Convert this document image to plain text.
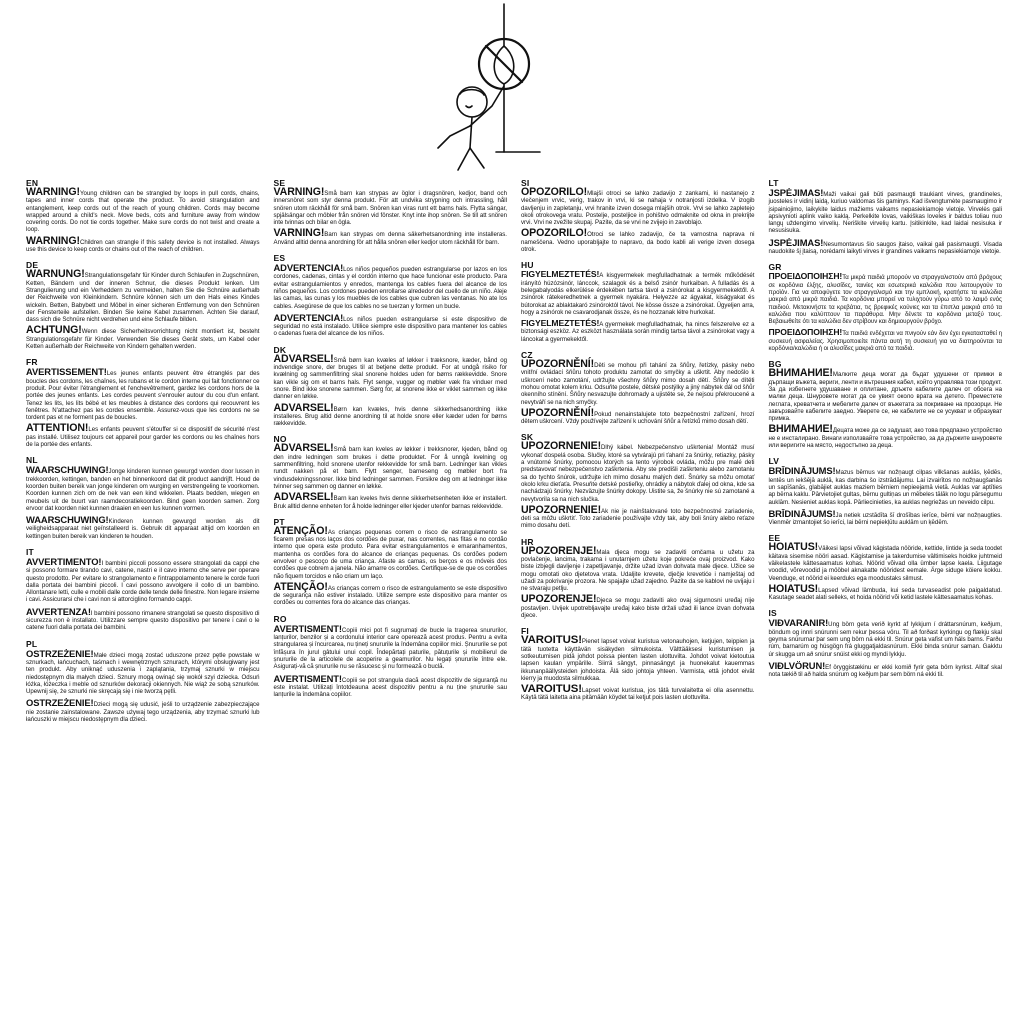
EN

WARNING!Young children can be strangled by loops in pull cords, chains, tapes and inner cords that operate the product. To avoid strangulation and entanglement, keep cords out of the reach of young children. Cords may become wrapped around a child's neck. Move beds, cots and furniture away from window covering cords. Do not tie cords together. Make sure cords do not twist and create a loop.

WARNING!Children can strangle if this safety device is not installed. Always use this device to keep cords or chains out of the reach of children.

DE

WARNUNG!Strangulationsgefahr für Kinder durch Schlaufen in Zugschnüren, Ketten, Bändern und der inneren Schnur, die dieses Produkt lenken. Um Strangulierung und ein Verheddern zu vermeiden, halten Sie die Schnüre außerhalb der Reichweite von Kleinkindern. Schnüre können sich um den Hals eines Kindes wickeln. Betten, Babybett und Möbel in einer sicheren Entfernung von den Schnüren der Fensterteile aufstellen. Binden Sie keine Kabel zusammen. Achten Sie darauf, dass sich die Schnüre nicht verdrehen und eine Schlaufe bilden.

ACHTUNG!Wenn diese Sicherheitsvorrichtung nicht montiert ist, besteht Strangulationsgefahr für Kinder. Verwenden Sie dieses Gerät stets, um Kabel oder Ketten außerhalb der Reichweite von Kindern gehalten werden.

FR

AVERTISSEMENT!Les jeunes enfants peuvent être étranglés par des boucles des cordons, les chaînes, les rubans et le cordon interne qui fait fonctionner ce produit. Pour éviter l'étranglement et l'enchevêtrement, gardez les cordons hors de la portée des jeunes enfants. Les cordes peuvent s'enrouler autour du cou d'un enfant. Tenez les lits, les lits bébé et les meubles à distance des cordons qui recouvrent les fenêtres. N'attachez pas les cordes ensemble. Assurez-vous que les cordons ne se tordent pas et ne forment pas de boucles.

ATTENTION!Les enfants peuvent s'étouffer si ce dispositif de sécurité n'est pas installé. Utilisez toujours cet appareil pour garder les cordons ou les chaînes hors de la portée des enfants.

NL

WAARSCHUWING!Jonge kinderen kunnen gewurgd worden door lussen in trekkoorden, kettingen, banden en het binnenkoord dat dit product aandrijft. Houd de koorden buiten bereik van jonge kinderen om wurging en verstrengeling te voorkomen. Koorden kunnen zich om de nek van een kind wikkelen. Plaats bedden, wiegen en meubels uit de buurt van raamdecoratiekoorden. Bind geen koorden samen. Zorg ervoor dat koorden niet kunnen draaien en een lus kunnen vormen.

WAARSCHUWING!Kinderen kunnen gewurgd worden als dit veiligheidsapparaat niet geïnstalleerd is. Gebruik dit apparaat altijd om koorden en kettingen buiten bereik van kinderen te houden.

IT

AVVERTIMENTO!I bambini piccoli possono essere strangolati da cappi che si possono formare tirando cavi, catene, nastri e il cavo interno che serve per operare questo prodotto. Per evitare lo strangolamento e l'intrappolamento tenere le corde fuori dalla portata dei bambini piccoli. I cavi possono avvolgere il collo di un bambino. Allontanare letti, culle e mobili dalle corde delle tende delle finestre. Non legare insieme i cavi. Assicurarsi che i cavi non si attorciglino formando cappi.

AVVERTENZA!I bambini possono rimanere strangolati se questo dispositivo di sicurezza non è installato. Utilizzare sempre questo dispositivo per tenere i cavi o le catene fuori dalla portata dei bambini.

PL

OSTRZEŻENIE!Małe dzieci mogą zostać uduszone przez pętle powstałe w sznurkach, łańcuchach, taśmach i wewnętrznych sznurach, którymi obsługiwany jest ten produkt. Aby uniknąć uduszenia i zaplątania, trzymaj sznurki w miejscu niedostępnym dla małych dzieci. Sznury mogą owinąć się wokół szyi dziecka. Odsuń łóżka, łóżeczka i meble od sznurków dekoracji okiennych. Nie wiąż ze sobą sznurków. Upewnij się, że sznurki nie skręcają się i nie tworzą pętli.

OSTRZEŻENIE!Dzieci mogą się udusić, jeśli to urządzenie zabezpieczające nie zostanie zainstalowane. Zawsze używaj tego urządzenia, aby trzymać sznurki lub łańcuszki w miejscu niedostępnym dla dzieci.

SE

VARNING!Små barn kan strypas av öglor i dragsnören, kedjor, band och innersnöret som styr denna produkt. För att undvika strypning och intrassling, håll snören utom räckhåll för små barn. Snören kan viras runt ett barns hals. Flytta sängar, spjälsängar och möbler från snören vid fönster. Knyt inte ihop snören. Se till att snören inte tvinnas och bilar en ögla.

VARNING!Barn kan strypas om denna säkerhetsanordning inte installeras. Använd alltid denna anordning för att hålla snören eller kedjor utom räckhåll för barn.

ES

ADVERTENCIA!Los niños pequeños pueden estrangularse por lazos en los cordones, cadenas, cintas y el cordón interno que hace funcionar este producto. Para evitar estrangulamientos y enredos, mantenga los cables fuera del alcance de los niños pequeños. Los cordones pueden enrollarse alrededor del cuello de un niño. Aleje las camas, las cunas y los muebles de los cables que cubren las ventanas. No ate los cables. Asegúrese de que los cables no se tuerzan y formen un bucle.

ADVERTENCIA!Los niños pueden estrangularse si este dispositivo de seguridad no está instalado. Utilice siempre este dispositivo para mantener los cables o cadenas fuera del alcance de los niños.

DK

ADVARSEL!Små børn kan kvæles af løkker i træksnore, kæder, bånd og indvendige snore, der bruges til at betjene dette produkt. For at undgå risiko for kvælning og sammenfiltring skal snorene holdes uden for børns rækkevidde. Snore kan vikle sig om et barns hals. Flyt senge, vugger og møbler væk fra vinduer med snore. Bind ikke snorene sammen. Sørg for, at snorene ikke er viklet sammen og ikke danner en løkke.

ADVARSEL!Børn kan kvæles, hvis denne sikkerhedsanordning ikke installeres. Brug altid denne anordning til at holde snore eller kæder uden for børns rækkevidde.

NO

ADVARSEL!Små barn kan kveles av løkker i trekksnorer, kjeden, bånd og den indre ledningen som brukes i dette produktet. For å unngå kvelning og sammenfiltring, hold snorene utenfor rekkevidde for små barn. Ledninger kan vikles rundt nakken på et barn. Flytt senger, barneseng og møbler bort fra vindusdekningssnorer. Ikke bind ledninger sammen. Forsikre deg om at ledninger ikke tvinner seg sammen og danner en løkke.

ADVARSEL!Barn kan kveles hvis denne sikkerhetsenheten ikke er installert. Bruk alltid denne enheten for å holde ledninger eller kjeder utenfor barnas rekkevidde.

PT

ATENÇÃO!As crianças pequenas correm o risco de estrangulamento se ficarem presas nos laços dos cordões de puxar, nas correntes, nas fitas e no cordão interno que opera este produto. Para evitar estrangulamentos e emaranhamentos, mantenha os cordões fora do alcance de crianças pequenas. Os cordões podem envolver o pescoço de uma criança. Afaste as camas, os berços e os móveis dos cordões que cobrem a janela. Não amarre os cordões. Certifique-se de que os cordões não fiquem torcidos e não criam um laço.

ATENÇÃO!As crianças correm o risco de estrangulamento se este dispositivo de segurança não estiver instalado. Utilize sempre este dispositivo para manter os cordões ou correntes fora do alcance das crianças.

RO

AVERTISMENT!Copiii mici pot fi sugrumați de bucle la tragerea snururilor, lanțurilor, benzilor și a cordonului interior care operează acest produs. Pentru a evita strangularea și încurcarea, nu țineți snururile la îndemâna copiilor mici. Șnururile se pot înfășura în jurul gâtului unui copil. Îndepărtați paturile, pătuțurile și mobilierul de șnururile de la articolele de acoperire a geamurilor. Nu legați șnururile între ele. Asigurați-vă că șnururile nu se răsucesc și nu formează o buclă.

AVERTISMENT!Copiii se pot strangula dacă acest dispozitiv de siguranță nu este instalat. Utilizați întotdeauna acest dispozitiv pentru a nu ține șnururile sau lanțurile la îndemâna copiilor.

SI

OPOZORILO!Mlajši otroci se lahko zadavijo z zankami, ki nastanejo z vlečenjem vrvic, verig, trakov in vrvi, ki se nahaja v notranjosti izdelka. V izogib davljenju in zapletanju, vrvi hranite izven dosega mlajših otrok. Vrvi se lahko zapletejo okoli otrokovega vratu. Postelje, posteljice in pohištvo odmaknite od okna in prekrijte vrvi. Vrvi ne zvežite skupaj. Pazite, da se vrvi ne zvijejo in zavoblajo.

OPOZORILO!Otroci se lahko zadavijo, če ta varnostna naprava ni nameščena. Vedno uporabljajte to napravo, da bodo kabli ali verige izven dosega otrok.

HU

FIGYELMEZTETÉS!A kisgyermekek megfulladhatnak a termék működését irányító húzózsinór, lánccok, szalagok és a belső zsinór hurkaiban. A fulladás és a belegabalyodás elkerülése érdekében tartsa távol a zsinórokat a kisgyermekektől. A zsinórok rátekeredhetnek a gyermek nyakára. Helyezze az ágyakat, kiságyakat és bútorokat az ablaktakaró zsinóroktól távol. Ne kösse össze a zsinórokat. Ügyeljen arra, hogy a zsinórok ne csavarodjanak össze, és ne hozzanak létre hurkokat.

FIGYELMEZTETÉS!A gyermekek megfulladhatnak, ha nincs felszerelve ez a biztonsági eszköz. Az eszközt használata során mindig tartsa távol a zsinórokat vagy a láncokat a gyermekektől.

CZ

UPOZORNĚNÍ!Děti se mohou při tahání za šňůry, řetízky, pásky nebo vnitřní ovládací šňůru tohoto produktu zamotat do smyčky a uškrtit. Aby nedošlo k uškrcení nebo zamotání, udržujte všechny šňůry mimo dosah dětí. Šňůry se dítěti mohou omotat kolem krku. Odsuňte postele, dětské postýlky a jiný nábytek dál od šňůr okenního stínění. Šňůry nesvazujte dohromady a ujistěte se, že nejsou překroucené a nevytváří se na nich smyčky.

UPOZORNĚNÍ!Pokud nenainstalujete toto bezpečnostní zařízení, hrozí dětem uškrcení. Vždy používejte zařízení k uchování šňůr a řetízků mimo dosah dětí.

SK

UPOZORNENIE!Dlhý kábel. Nebezpečenstvo uškrtenia! Montáž musí vykonať dospelá osoba. Slučky, ktoré sa vytvárajú pri ťahaní za šnúrky, retiazky, pásky a vnútorné šnúrky, pomocou ktorých sa tento výrobok ovláda, môžu pre malé deti predstavovať nebezpečenstvo zaškrtenia. Aby ste predišli zaškrteniu alebo zamotaniu sa do tychto šnúrok, udržujte ich mimo dosahu malých detí. Šnúrky sa môžu omotať okolo krku dieťaťa. Presuňte detské postieľky, ohrádky a nábytok ďalej od okna, kde sa nachádzajú šnúrky. Nezväzujte šnúrky dokopy. Uistite sa, že šnúrky nie sú zamotané a nevytvorila sa na nich slučka.

UPOZORNENIE!Ak nie je nainštalované toto bezpečnostné zariadenie, deti sa môžu uškrtiť. Toto zariadenie používajte vždy tak, aby boli šnúry alebo reťaze mimo dosahu detí.

HR

UPOZORENJE!Mala djeca mogu se zadaviti omčama u užetu za povlačenje, lancima, trakama i unutarnjem užetu koje pokreće ovaj proizvod. Kako biste izbjegli davljenje i zapetljavanje, držite užad izvan dohvata male djece. Užice se mogu omotati oko djetetova vrata. Udaljite krevete, dječje krevetiće i namještaj od užadi za pokrivanje prozora. Ne spajajte užad zajedno. Pazite da se kablovi ne uvijaju i ne stvaraju petlju.

UPOZORENJE!Djeca se mogu zadaviti ako ovaj sigurnosni uređaj nije postavljen. Uvijek upotrebljavajte uređaj kako biste držali užad ili lance izvan dohvata djece.

FI

VAROITUS!Pienet lapset voivat kuristua vetonauhojen, ketjujen, teippien ja tätä tuotetta käyttävän sisäkyden silmukoista. Välttääksesi kuristumisen ja sotkeutumisen pidä johdot poissa pienten lasten ulottuvilta. Johdot voivat kietoutua lapsen kaulan ympärille. Siirrä sängyt, pinnasängyt ja huonekalut kauemmas ikkunanpäällysteiden johdoista. Älä sido johtoja yhteen. Varmista, että johdot eivät kierry ja muodosta silmukkaa.

VAROITUS!Lapset voivat kuristua, jos tätä turvalaitetta ei olla asennettu. Käytä tätä laitetta aina pitämään köydet tai ketjut pois lasten ulottuvilta.

LT

JSPĖJIMAS!Maži vaikai gali būti pasmaugti traukiant virves, grandineles, juosteles ir vidinį laidą, kuriuo valdomas šis gaminys. Kad išvengtumėte pasmaugimo ir įsipainiojimo, laikykite laidus mažiems vaikams nepasiekiamoje vietoje. Virvelės gali apsivynioti aplink vaiko kaklą. Perkelkite lovas, vaikiškas loveles ir baldus toliau nuo langų uždengimo virvelių. Neriškite virvelių kartu. Įsitikinkite, kad laidai nesisuka ir nesusisuka.

JSPĖJIMAS!Nesumontavus šio saugos įtaiso, vaikai gali pasismaugti. Visada naudokite šį įtaisą, norėdami laikyti virves ir grandines vaikams nepasiekiamoje vietoje.

GR

ΠΡΟΕΙΔΟΠΟΙΗΣΗ!Τα μικρά παιδιά μπορούν να στραγγαλιστούν από βρόχους σε κορδόνια έλξης, αλυσίδες, ταινίες και εσωτερικά καλώδια που λειτουργούν το προϊόν. Για να αποφύγετε τον στραγγαλισμό και την εμπλοκή, κρατήστε τα καλώδια μακριά από μικρά παιδιά. Τα κορδόνια μπορεί να τυλιχτούν γύρω από το λαιμό ενός παιδιού. Μετακινήστε τα κρεβάτια, τις βρεφικές κούνιες και τα έπιπλα μακριά από τα καλώδια που καλύπτουν τα παράθυρα. Μην δένετε τα κορδόνια μεταξύ τους. Βεβαιωθείτε ότι τα καλώδια δεν στρίβουν και δημιουργούν βρόχο.

ΠΡΟΕΙΔΟΠΟΙΗΣΗ!Τα παιδιά ενδέχεται να πνιγούν εάν δεν έχει εγκατασταθεί η συσκευή ασφαλείας. Χρησιμοποιείτε πάντα αυτή τη συσκευή για να διατηρούνται τα κορδόνια/καλώδια ή οι αλυσίδες μακριά από τα παιδιά.

BG

ВНИМАНИЕ!Малките деца могат да бъдат удушени от примки в дърпащи въжета, вериги, ленти и вътрешния кабел, който управлява този продукт. За да избегнете удушаване и оплитане, дръжте кабелите далеч от обсега на малки деца. Шнуровете могат да се увият около врата на детето. Преместете леглата, креватчета и мебелите далеч от въжетата за покриване на прозорци. Не завързвайте кабелите заедно. Уверете се, не кабелите не се усукват и образуват примка.

ВНИМАНИЕ!Децата може да се задушат, ако това предпазно устройство не е инсталирано. Винаги използвайте това устройство, за да държите шнуровете или веригите на място, недостъпно за деца.

LV

BRĪDINĀJUMS!Mazus bērnus var nožņaugt cilpas vilkšanas auklās, ķēdēs, lentēs un iekšējā auklā, kas darbina šo izstrādājumu. Lai izvairītos no nožņaugšanās un sapīšanās, glabājiet auklas maziem bērniem nepieejamā vietā. Auklas var aptīties ap bērna kaklu. Pārvietojiet gultas, bērnu gultiņas un mēbeles tālāk no logu pārsegumu auklām. Nesieniet auklas kopā. Pārliecinieties, ka auklas negriežas un neveido cilpu.

BRĪDINĀJUMS!Ja netiek uzstādīta šī drošības ierīce, bērni var nožņaugties. Vienmēr izmantojiet šo ierīci, lai bērni nepiekļūtu auklām un ķēdēm.

EE

HOIATUS!Väikesi lapsi võivad kägistada nööride, kettide, lintide ja seda toodet käitava sisemise nööri aasad. Kägistamise ja takerdumise vältimiseks hoidke juhtmeid väikelastele kättesaamatus kohas. Nöörid võivad olla ümber lapse kaela. Liigutage voodid, võrevoodid ja mööbel aknakatte nööridest eemale. Ärge siduge köiere kokku. Veenduge, et nöörid ei keerduks ega moodustaks silmust.

HOIATUS!Lapsed võivad lämbuda, kui seda turvaseadist pole paigaldatud. Kasutage seadet alati selleks, et hoida nöörid või ketid lastele kättesaamatus kohas.

IS

VIÐVARANIR!Ung börn geta verið kyrkt af lykkjum í dráttarsnúrum, keðjum, böndum og innri snúrunni sem rekur þessa vöru. Til að forðast kyrkingu og flækju skal geyma snúrurnar þar sem ung börn ná ekki til. Snúrur geta vafist um háls barns. Farðu rúm, barnarúm og húsgögn frá gluggatjaldasnúrum. Ekki binda snúrur saman. Gakktu úr skugga um að snúrur snúist ekki og myndi lykkju.

VIÐLVÖRUN!Ef öryggistækinu er ekki komið fyrir geta börn kyrkst. Alltaf skal nota tækið til að halda snúrum og keðjum þar sem börn ná ekki til.
